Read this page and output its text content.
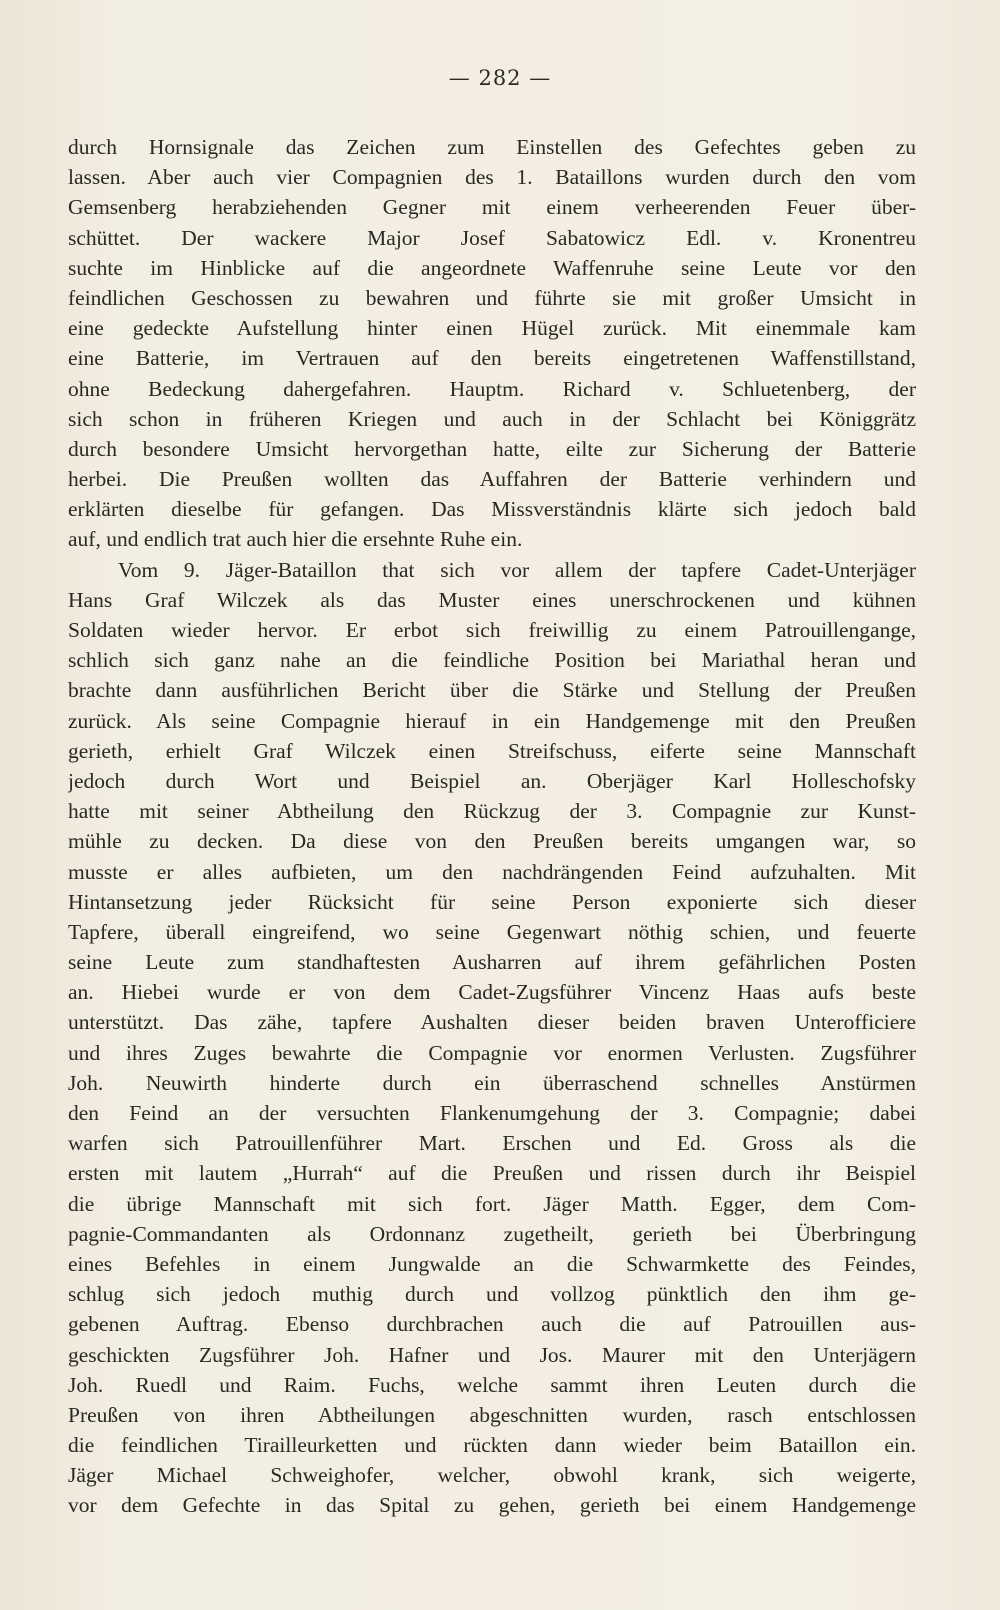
— 282 —
durch Hornsignale das Zeichen zum Einstellen des Gefechtes geben zu
lassen. Aber auch vier Compagnien des 1. Bataillons wurden durch den vom
Gemsenberg herabziehenden Gegner mit einem verheerenden Feuer über-
schüttet. Der wackere Major Josef Sabatowicz Edl. v. Kronentreu
suchte im Hinblicke auf die angeordnete Waffenruhe seine Leute vor den
feindlichen Geschossen zu bewahren und führte sie mit großer Umsicht in
eine gedeckte Aufstellung hinter einen Hügel zurück. Mit einemmale kam
eine Batterie, im Vertrauen auf den bereits eingetretenen Waffenstillstand,
ohne Bedeckung dahergefahren. Hauptm. Richard v. Schluetenberg, der
sich schon in früheren Kriegen und auch in der Schlacht bei Königgrätz
durch besondere Umsicht hervorgethan hatte, eilte zur Sicherung der Batterie
herbei. Die Preußen wollten das Auffahren der Batterie verhindern und
erklärten dieselbe für gefangen. Das Missverständnis klärte sich jedoch bald
auf, und endlich trat auch hier die ersehnte Ruhe ein.
Vom 9. Jäger-Bataillon that sich vor allem der tapfere Cadet-Unterjäger
Hans Graf Wilczek als das Muster eines unerschrockenen und kühnen
Soldaten wieder hervor. Er erbot sich freiwillig zu einem Patrouillengange,
schlich sich ganz nahe an die feindliche Position bei Mariathal heran und
brachte dann ausführlichen Bericht über die Stärke und Stellung der Preußen
zurück. Als seine Compagnie hierauf in ein Handgemenge mit den Preußen
gerieth, erhielt Graf Wilczek einen Streifschuss, eiferte seine Mannschaft
jedoch durch Wort und Beispiel an. Oberjäger Karl Holleschofsky
hatte mit seiner Abtheilung den Rückzug der 3. Compagnie zur Kunst-
mühle zu decken. Da diese von den Preußen bereits umgangen war, so
musste er alles aufbieten, um den nachdrängenden Feind aufzuhalten. Mit
Hintansetzung jeder Rücksicht für seine Person exponierte sich dieser
Tapfere, überall eingreifend, wo seine Gegenwart nöthig schien, und feuerte
seine Leute zum standhaftesten Ausharren auf ihrem gefährlichen Posten
an. Hiebei wurde er von dem Cadet-Zugsführer Vincenz Haas aufs beste
unterstützt. Das zähe, tapfere Aushalten dieser beiden braven Unterofficiere
und ihres Zuges bewahrte die Compagnie vor enormen Verlusten. Zugsführer
Joh. Neuwirth hinderte durch ein überraschend schnelles Anstürmen
den Feind an der versuchten Flankenumgehung der 3. Compagnie; dabei
warfen sich Patrouillenführer Mart. Erschen und Ed. Gross als die
ersten mit lautem „Hurrah“ auf die Preußen und rissen durch ihr Beispiel
die übrige Mannschaft mit sich fort. Jäger Matth. Egger, dem Com-
pagnie-Commandanten als Ordonnanz zugetheilt, gerieth bei Überbringung
eines Befehles in einem Jungwalde an die Schwarmkette des Feindes,
schlug sich jedoch muthig durch und vollzog pünktlich den ihm ge-
gebenen Auftrag. Ebenso durchbrachen auch die auf Patrouillen aus-
geschickten Zugsführer Joh. Hafner und Jos. Maurer mit den Unterjägern
Joh. Ruedl und Raim. Fuchs, welche sammt ihren Leuten durch die
Preußen von ihren Abtheilungen abgeschnitten wurden, rasch entschlossen
die feindlichen Tirailleurketten und rückten dann wieder beim Bataillon ein.
Jäger Michael Schweighofer, welcher, obwohl krank, sich weigerte,
vor dem Gefechte in das Spital zu gehen, gerieth bei einem Handgemenge
